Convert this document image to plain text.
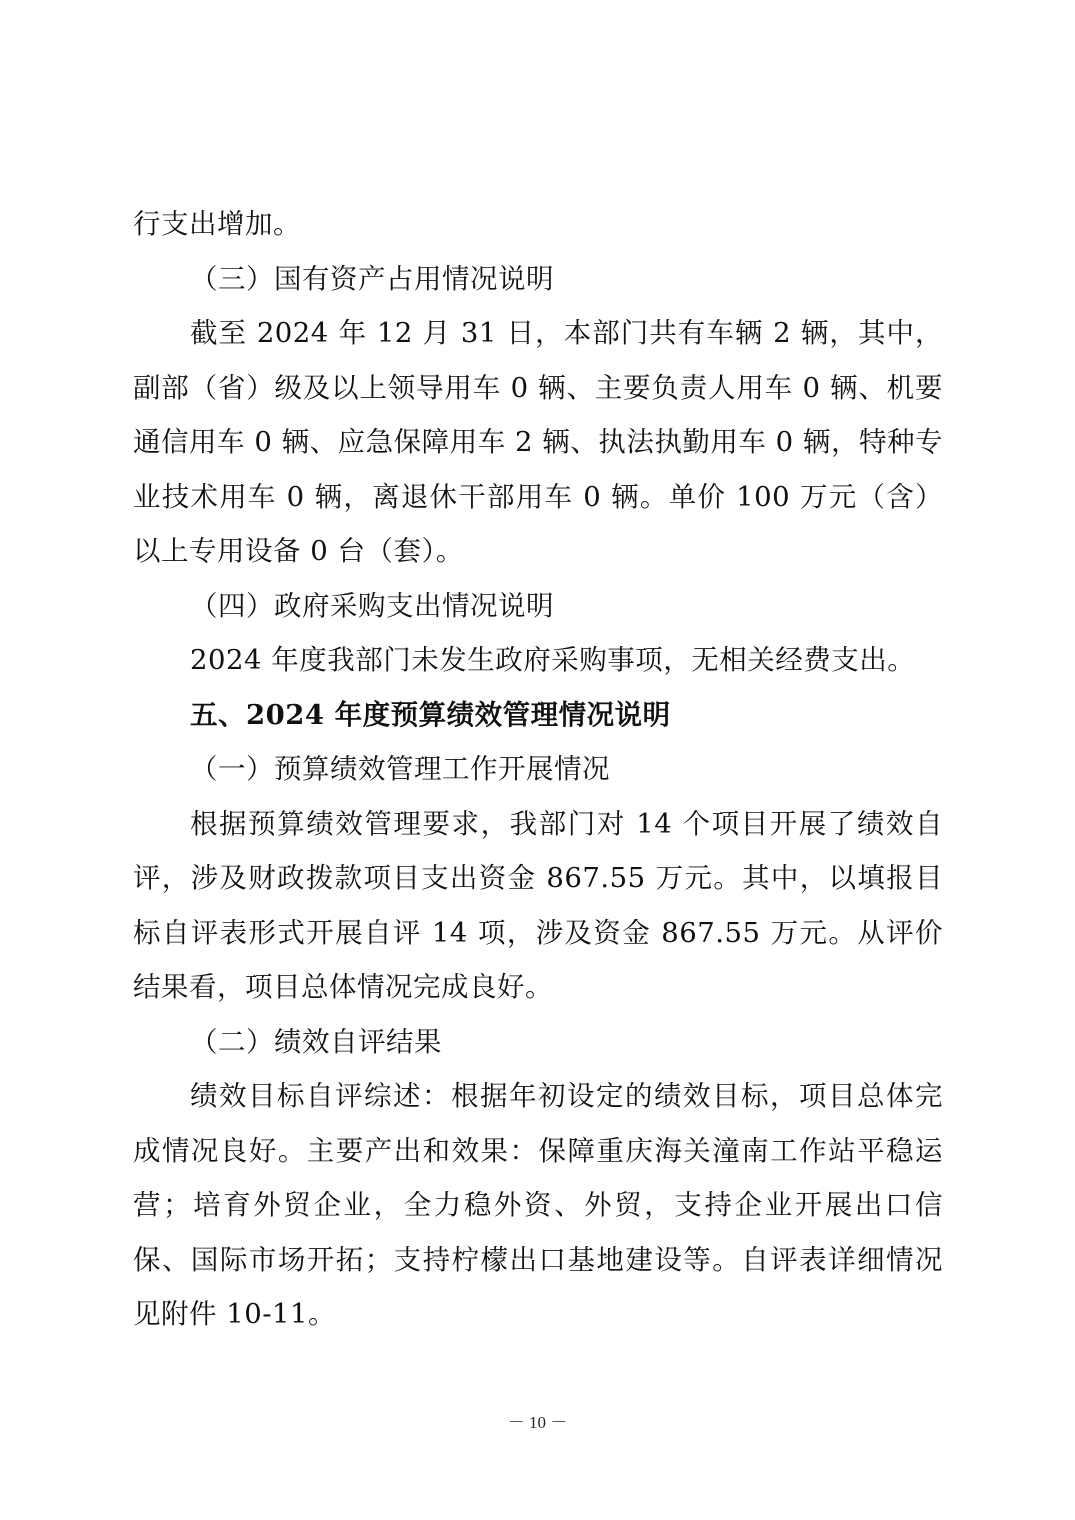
行支出增加。

（三）国有资产占用情况说明

截至 2024 年 12 月 31 日，本部门共有车辆 2 辆，其中，副部（省）级及以上领导用车 0 辆、主要负责人用车 0 辆、机要通信用车 0 辆、应急保障用车 2 辆、执法执勤用车 0 辆，特种专业技术用车 0 辆，离退休干部用车 0 辆。单价 100 万元（含）以上专用设备 0 台（套）。

（四）政府采购支出情况说明

2024 年度我部门未发生政府采购事项，无相关经费支出。

五、2024 年度预算绩效管理情况说明

（一）预算绩效管理工作开展情况

根据预算绩效管理要求，我部门对 14 个项目开展了绩效自评，涉及财政拨款项目支出资金 867.55 万元。其中，以填报目标自评表形式开展自评 14 项，涉及资金 867.55 万元。从评价结果看，项目总体情况完成良好。

（二）绩效自评结果

绩效目标自评综述：根据年初设定的绩效目标，项目总体完成情况良好。主要产出和效果：保障重庆海关潼南工作站平稳运营；培育外贸企业，全力稳外资、外贸，支持企业开展出口信保、国际市场开拓；支持柠檬出口基地建设等。自评表详细情况见附件 10-11。

－ 10 －
